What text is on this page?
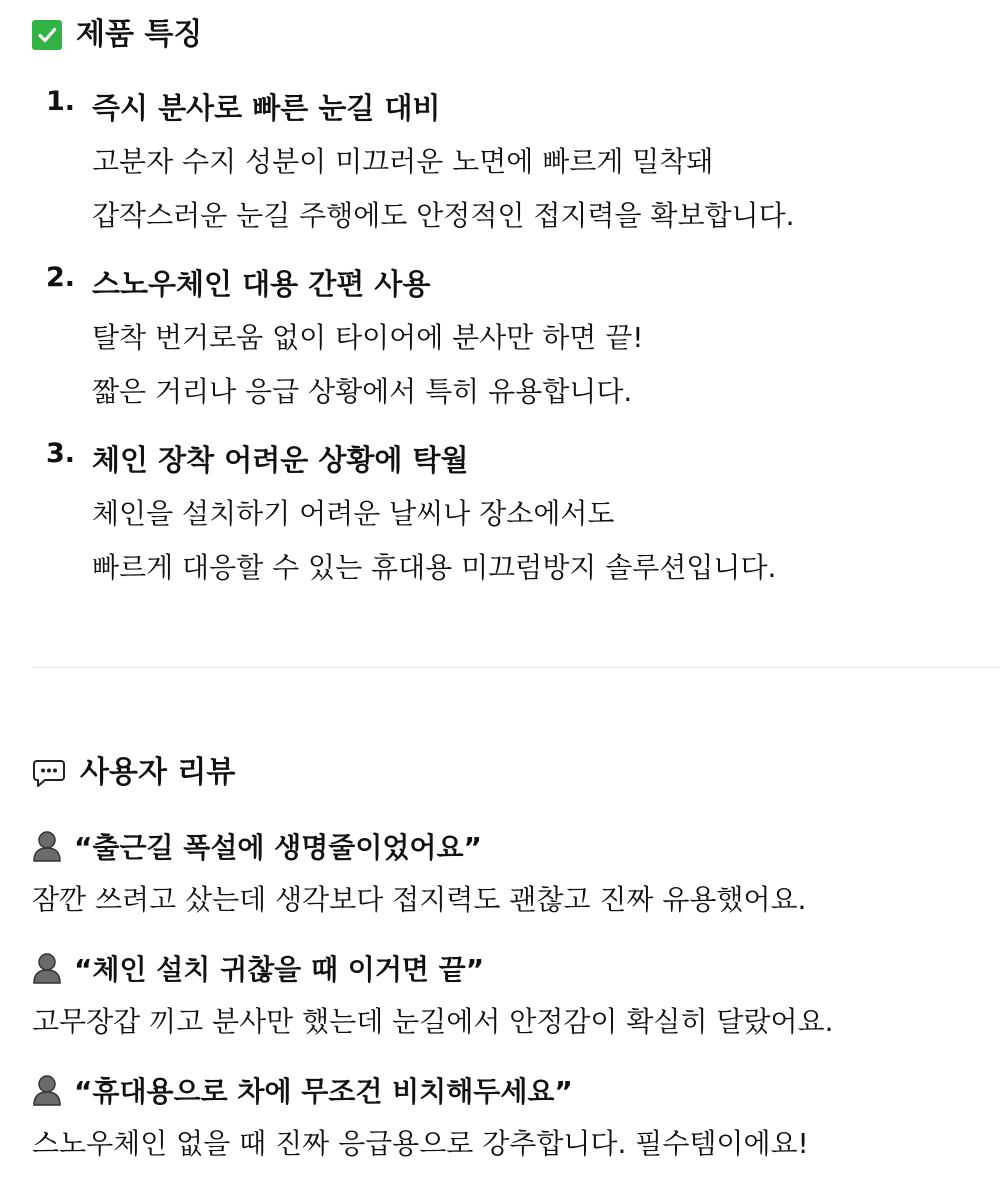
제품 특징
1. 즉시 분사로 빠른 눈길 대비
고분자 수지 성분이 미끄러운 노면에 빠르게 밀착돼
갑작스러운 눈길 주행에도 안정적인 접지력을 확보합니다.
2. 스노우체인 대용 간편 사용
탈착 번거로움 없이 타이어에 분사만 하면 끝!
짧은 거리나 응급 상황에서 특히 유용합니다.
3. 체인 장착 어려운 상황에 탁월
체인을 설치하기 어려운 날씨나 장소에서도
빠르게 대응할 수 있는 휴대용 미끄럼방지 솔루션입니다.
사용자 리뷰
“출근길 폭설에 생명줄이었어요”
잠깐 쓰려고 샀는데 생각보다 접지력도 괜찮고 진짜 유용했어요.
“체인 설치 귀찮을 때 이거면 끝”
고무장갑 끼고 분사만 했는데 눈길에서 안정감이 확실히 달랐어요.
“휴대용으로 차에 무조건 비치해두세요”
스노우체인 없을 때 진짜 응급용으로 강추합니다. 필수템이에요!
